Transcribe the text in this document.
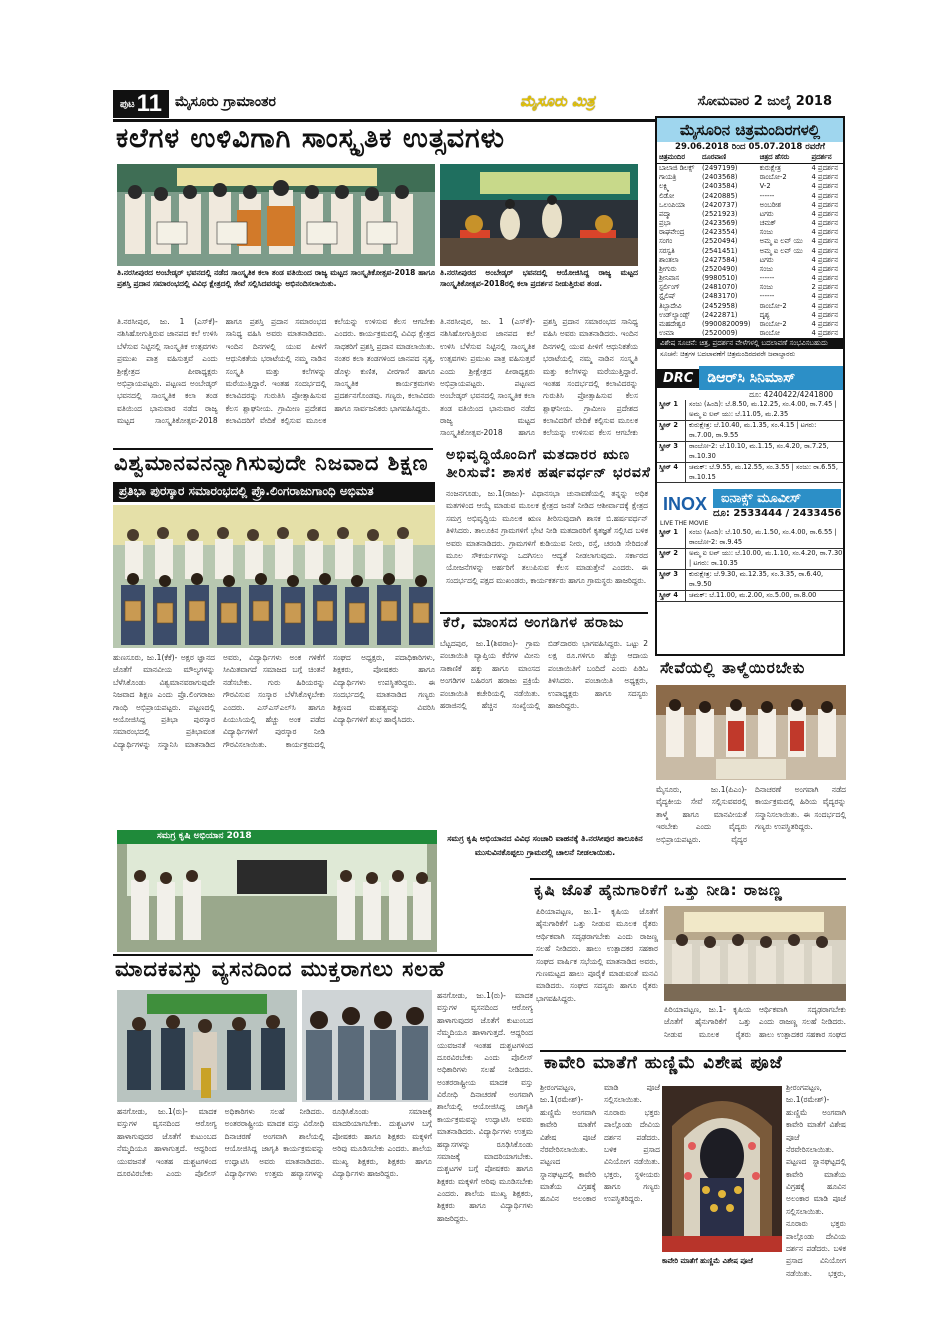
ಪುಟ 11 ಮೈಸೂರು ಗ್ರಾಮಾಂತರ	ಮೈಸೂರು ಮಿತ್ರ	ಸೋಮವಾರ 2 ಜುಲೈ 2018
ಕಲೆಗಳ ಉಳಿವಿಗಾಗಿ ಸಾಂಸ್ಕೃತಿಕ ಉತ್ಸವಗಳು
ತಿ.ನರಸೀಪುರದ ಅಂಬೇಡ್ಕರ್ ಭವನದಲ್ಲಿ ನಡೆದ ಸಾಂಸ್ಕೃತಿಕ ಕಲಾ ತಂಡ ವತಿಯಿಂದ ರಾಜ್ಯ ಮಟ್ಟದ ಸಾಂಸ್ಕೃತಿಕೋತ್ಸವ-2018 ಹಾಗೂ ಪ್ರಶಸ್ತಿ ಪ್ರದಾನ ಸಮಾರಂಭದಲ್ಲಿ ವಿವಿಧ ಕ್ಷೇತ್ರದಲ್ಲಿ ಸೇವೆ ಸಲ್ಲಿಸಿದವರನ್ನು ಅಭಿನಂದಿಸಲಾಯಿತು.
ತಿ.ನರಸೀಪುರದ ಅಂಬೇಡ್ಕರ್ ಭವನದಲ್ಲಿ ಆಯೋಜಿಸಿದ್ದ ರಾಜ್ಯ ಮಟ್ಟದ ಸಾಂಸ್ಕೃತಿಕೋತ್ಸವ-2018ರಲ್ಲಿ ಕಲಾ ಪ್ರದರ್ಶನ ನೀಡುತ್ತಿರುವ ತಂಡ.
ತಿ.ನರಸೀಪುರ, ಜು. 1 (ಎಸ್‌ಕೆ)- ನಶಿಸಿಹೋಗುತ್ತಿರುವ ಜಾನಪದ ಕಲೆ ಉಳಿಸಿ ಬೆಳೆಸುವ ನಿಟ್ಟಿನಲ್ಲಿ ಸಾಂಸ್ಕೃತಿಕ ಉತ್ಸವಗಳು ಪ್ರಮುಖ ಪಾತ್ರ ವಹಿಸುತ್ತವೆ ಎಂದು ಶ್ರೀಕ್ಷೇತ್ರದ ಪೀಠಾಧ್ಯಕ್ಷರು ಅಭಿಪ್ರಾಯಪಟ್ಟರು. ಪಟ್ಟಣದ ಅಂಬೇಡ್ಕರ್ ಭವನದಲ್ಲಿ ಸಾಂಸ್ಕೃತಿಕ ಕಲಾ ತಂಡ ವತಿಯಿಂದ ಭಾನುವಾರ ನಡೆದ ರಾಜ್ಯ ಮಟ್ಟದ ಸಾಂಸ್ಕೃತಿಕೋತ್ಸವ-2018 ಹಾಗೂ ಪ್ರಶಸ್ತಿ ಪ್ರದಾನ ಸಮಾರಂಭದ ಸಾನಿಧ್ಯ ವಹಿಸಿ ಅವರು ಮಾತನಾಡಿದರು. ಇಂದಿನ ದಿನಗಳಲ್ಲಿ ಯುವ ಪೀಳಿಗೆ ಆಧುನಿಕತೆಯ ಭರಾಟೆಯಲ್ಲಿ ನಮ್ಮ ನಾಡಿನ ಸಂಸ್ಕೃತಿ ಮತ್ತು ಕಲೆಗಳನ್ನು ಮರೆಯುತ್ತಿದ್ದಾರೆ. ಇಂತಹ ಸಂದರ್ಭದಲ್ಲಿ ಕಲಾವಿದರನ್ನು ಗುರುತಿಸಿ ಪ್ರೋತ್ಸಾಹಿಸುವ ಕೆಲಸ ಶ್ಲಾಘನೀಯ. ಗ್ರಾಮೀಣ ಪ್ರದೇಶದ ಕಲಾವಿದರಿಗೆ ವೇದಿಕೆ ಕಲ್ಪಿಸುವ ಮೂಲಕ ಕಲೆಯನ್ನು ಉಳಿಸುವ ಕೆಲಸ ಆಗಬೇಕು ಎಂದರು. ಕಾರ್ಯಕ್ರಮದಲ್ಲಿ ವಿವಿಧ ಕ್ಷೇತ್ರದ ಸಾಧಕರಿಗೆ ಪ್ರಶಸ್ತಿ ಪ್ರದಾನ ಮಾಡಲಾಯಿತು. ನಂತರ ಕಲಾ ತಂಡಗಳಿಂದ ಜಾನಪದ ನೃತ್ಯ, ಡೊಳ್ಳು ಕುಣಿತ, ವೀರಗಾಸೆ ಹಾಗೂ ಸಾಂಸ್ಕೃತಿಕ ಕಾರ್ಯಕ್ರಮಗಳು ಪ್ರದರ್ಶನಗೊಂಡವು. ಗಣ್ಯರು, ಕಲಾವಿದರು ಹಾಗೂ ಸಾರ್ವಜನಿಕರು ಭಾಗವಹಿಸಿದ್ದರು.
ತಿ.ನರಸೀಪುರ, ಜು. 1 (ಎಸ್‌ಕೆ)- ನಶಿಸಿಹೋಗುತ್ತಿರುವ ಜಾನಪದ ಕಲೆ ಉಳಿಸಿ ಬೆಳೆಸುವ ನಿಟ್ಟಿನಲ್ಲಿ ಸಾಂಸ್ಕೃತಿಕ ಉತ್ಸವಗಳು ಪ್ರಮುಖ ಪಾತ್ರ ವಹಿಸುತ್ತವೆ ಎಂದು ಶ್ರೀಕ್ಷೇತ್ರದ ಪೀಠಾಧ್ಯಕ್ಷರು ಅಭಿಪ್ರಾಯಪಟ್ಟರು. ಪಟ್ಟಣದ ಅಂಬೇಡ್ಕರ್ ಭವನದಲ್ಲಿ ಸಾಂಸ್ಕೃತಿಕ ಕಲಾ ತಂಡ ವತಿಯಿಂದ ಭಾನುವಾರ ನಡೆದ ರಾಜ್ಯ ಮಟ್ಟದ ಸಾಂಸ್ಕೃತಿಕೋತ್ಸವ-2018 ಹಾಗೂ ಪ್ರಶಸ್ತಿ ಪ್ರದಾನ ಸಮಾರಂಭದ ಸಾನಿಧ್ಯ ವಹಿಸಿ ಅವರು ಮಾತನಾಡಿದರು. ಇಂದಿನ ದಿನಗಳಲ್ಲಿ ಯುವ ಪೀಳಿಗೆ ಆಧುನಿಕತೆಯ ಭರಾಟೆಯಲ್ಲಿ ನಮ್ಮ ನಾಡಿನ ಸಂಸ್ಕೃತಿ ಮತ್ತು ಕಲೆಗಳನ್ನು ಮರೆಯುತ್ತಿದ್ದಾರೆ. ಇಂತಹ ಸಂದರ್ಭದಲ್ಲಿ ಕಲಾವಿದರನ್ನು ಗುರುತಿಸಿ ಪ್ರೋತ್ಸಾಹಿಸುವ ಕೆಲಸ ಶ್ಲಾಘನೀಯ. ಗ್ರಾಮೀಣ ಪ್ರದೇಶದ ಕಲಾವಿದರಿಗೆ ವೇದಿಕೆ ಕಲ್ಪಿಸುವ ಮೂಲಕ ಕಲೆಯನ್ನು ಉಳಿಸುವ ಕೆಲಸ ಆಗಬೇಕು
ಮೈಸೂರಿನ ಚಿತ್ರಮಂದಿರಗಳಲ್ಲಿ
29.06.2018 ರಿಂದ 05.07.2018 ರವರೆಗೆ
ಚಿತ್ರಮಂದಿರ	ದೂರವಾಣಿ	ಚಿತ್ರದ ಹೆಸರು	ಪ್ರದರ್ಶನ
ಬಾಲಾಜಿ ಡಿಲಕ್ಸ್	(2497199)	ಕುರುಕ್ಷೇತ್ರ	4 ಪ್ರದರ್ಶನ
ಗಾಯತ್ರಿ	(2403568)	ರಾಂಬೋ-2	4 ಪ್ರದರ್ಶನ
ಲಕ್ಷ್ಮಿ	(2403584)	V-2	4 ಪ್ರದರ್ಶನ
ಲಿಡೋ	(2420885)	------	4 ಪ್ರದರ್ಶನ
ಒಲಂಪಿಯಾ	(2420737)	ಅಂಬರೀಶ	4 ಪ್ರದರ್ಶನ
ಪದ್ಮಾ	(2521923)	ಟಗರು	4 ಪ್ರದರ್ಶನ
ಪ್ರಭಾ	(2423569)	ಚಮಕ್	4 ಪ್ರದರ್ಶನ
ರಾಘವೇಂದ್ರ	(2423554)	ಸಂಜು	4 ಪ್ರದರ್ಶನ
ಸಂಗಂ	(2520494)	ಅಮ್ಮ ಐ ಲವ್ ಯು	4 ಪ್ರದರ್ಶನ
ಸರಸ್ವತಿ	(2541451)	ಅಮ್ಮ ಐ ಲವ್ ಯು	4 ಪ್ರದರ್ಶನ
ಶಾಂತಲಾ	(2427584)	ಟಗರು	4 ಪ್ರದರ್ಶನ
ಶ್ರೀಗುರು	(2520490)	ಸಂಜು	4 ಪ್ರದರ್ಶನ
ಶ್ರೀನಿವಾಸ	(9980510)	------	4 ಪ್ರದರ್ಶನ
ಸ್ಟರ್ಲಿಂಗ್	(2481070)	ಸಂಜು	2 ಪ್ರದರ್ಶನ
ಸ್ಟೈಲಿಷ್	(2483170)	------	4 ಪ್ರದರ್ಶನ
ತಿಬ್ಬಾದೇವಿ	(2452958)	ರಾಂಬೋ-2	4 ಪ್ರದರ್ಶನ
ಉಡ್‌ಲ್ಯಾಂಡ್ಸ್	(2422871)	ದೃಶ್ಯ	4 ಪ್ರದರ್ಶನ
ಮಹದೇಶ್ವರ	(9900820099)	ರಾಂಬೋ-2	4 ಪ್ರದರ್ಶನ
ಉಮಾ	(2520009)	ರಾಂಬೋ	4 ಪ್ರದರ್ಶನ
ವಿಶೇಷ ಸೂಚನೆ: ಚಿತ್ರ, ಪ್ರದರ್ಶನ ವೇಳೆಗಳಲ್ಲಿ ಬದಲಾವಣೆ ಸಂಭವಿಸಬಹುದು
ಸೂಚನೆ: ಚಿತ್ರಗಳ ಬದಲಾವಣೆಗೆ ಚಿತ್ರಮಂದಿರದವರೇ ಜವಾಬ್ದಾರರು
DRC	ಡಿಆರ್‌ಸಿ ಸಿನಿಮಾಸ್
ದೂ: 4240422/4241800
ಸ್ಕ್ರೀನ್ 1	ಸಂಜು (ಹಿಂದಿ): ಬೆ.8.50, ಮ.12.25, ಸಂ.4.00, ರಾ.7.45 | ಅಮ್ಮ ಐ ಲವ್ ಯು: ಬೆ.11.05, ಮ.2.35
ಸ್ಕ್ರೀನ್ 2	ಕುರುಕ್ಷೇತ್ರ: ಬೆ.10.40, ಮ.1.35, ಸಂ.4.15 | ಟಗರು: ರಾ.7.00, ರಾ.9.55
ಸ್ಕ್ರೀನ್ 3	ರಾಂಬೋ-2: ಬೆ.10.10, ಮ.1.15, ಸಂ.4.20, ರಾ.7.25, ರಾ.10.30
ಸ್ಕ್ರೀನ್ 4	ಚಮಕ್: ಬೆ.9.55, ಮ.12.55, ಸಂ.3.55 | ಸಂಜು: ರಾ.6.55, ರಾ.10.15
INOX	ಐನಾಕ್ಸ್ ಮೂವೀಸ್
ದೂ: 2533444 / 2433456
LIVE THE MOVIE
ಸ್ಕ್ರೀನ್ 1	ಸಂಜು (ಹಿಂದಿ): ಬೆ.10.50, ಮ.1.50, ಸಂ.4.00, ರಾ.6.55 | ರಾಂಬೋ-2: ರಾ.9.45
ಸ್ಕ್ರೀನ್ 2	ಅಮ್ಮ ಐ ಲವ್ ಯು: ಬೆ.10.00, ಮ.1.10, ಸಂ.4.20, ರಾ.7.30 | ಟಗರು: ರಾ.10.35
ಸ್ಕ್ರೀನ್ 3	ಕುರುಕ್ಷೇತ್ರ: ಬೆ.9.30, ಮ.12.35, ಸಂ.3.35, ರಾ.6.40, ರಾ.9.50
ಸ್ಕ್ರೀನ್ 4	ಚಮಕ್: ಬೆ.11.00, ಮ.2.00, ಸಂ.5.00, ರಾ.8.00
ವಿಶ್ವಮಾನವನನ್ನಾಗಿಸುವುದೇ ನಿಜವಾದ ಶಿಕ್ಷಣ
ಪ್ರತಿಭಾ ಪುರಸ್ಕಾರ ಸಮಾರಂಭದಲ್ಲಿ ಪ್ರೊ.ಲಿಂಗರಾಜುಗಾಂಧಿ ಅಭಿಮತ
ಹುಣಸೂರು, ಜು.1(ಕೆಕೆ)- ಅಕ್ಷರ ಜ್ಞಾನದ ಜೊತೆಗೆ ಮಾನವೀಯ ಮೌಲ್ಯಗಳನ್ನು ಬೆಳೆಸಿಕೊಂಡು ವಿಶ್ವಮಾನವರಾಗುವುದೇ ನಿಜವಾದ ಶಿಕ್ಷಣ ಎಂದು ಪ್ರೊ.ಲಿಂಗರಾಜು ಗಾಂಧಿ ಅಭಿಪ್ರಾಯಪಟ್ಟರು. ಪಟ್ಟಣದಲ್ಲಿ ಆಯೋಜಿಸಿದ್ದ ಪ್ರತಿಭಾ ಪುರಸ್ಕಾರ ಸಮಾರಂಭದಲ್ಲಿ ಪ್ರತಿಭಾವಂತ ವಿದ್ಯಾರ್ಥಿಗಳನ್ನು ಸನ್ಮಾನಿಸಿ ಮಾತನಾಡಿದ ಅವರು, ವಿದ್ಯಾರ್ಥಿಗಳು ಅಂಕ ಗಳಿಕೆಗೆ ಸೀಮಿತವಾಗದೆ ಸಮಾಜದ ಬಗ್ಗೆ ಚಿಂತನೆ ನಡೆಸಬೇಕು. ಗುರು ಹಿರಿಯರನ್ನು ಗೌರವಿಸುವ ಸಂಸ್ಕಾರ ಬೆಳೆಸಿಕೊಳ್ಳಬೇಕು ಎಂದರು. ಎಸ್‌ಎಸ್‌ಎಲ್‌ಸಿ ಹಾಗೂ ಪಿಯುಸಿಯಲ್ಲಿ ಹೆಚ್ಚು ಅಂಕ ಪಡೆದ ವಿದ್ಯಾರ್ಥಿಗಳಿಗೆ ಪುರಸ್ಕಾರ ನೀಡಿ ಗೌರವಿಸಲಾಯಿತು. ಕಾರ್ಯಕ್ರಮದಲ್ಲಿ ಸಂಘದ ಅಧ್ಯಕ್ಷರು, ಪದಾಧಿಕಾರಿಗಳು, ಶಿಕ್ಷಕರು, ಪೋಷಕರು ಹಾಗೂ ವಿದ್ಯಾರ್ಥಿಗಳು ಉಪಸ್ಥಿತರಿದ್ದರು. ಈ ಸಂದರ್ಭದಲ್ಲಿ ಮಾತನಾಡಿದ ಗಣ್ಯರು ಶಿಕ್ಷಣದ ಮಹತ್ವವನ್ನು ವಿವರಿಸಿ ವಿದ್ಯಾರ್ಥಿಗಳಿಗೆ ಶುಭ ಹಾರೈಸಿದರು.
ಅಭಿವೃದ್ಧಿಯೊಂದಿಗೆ ಮತದಾರರ ಋಣ
ತೀರಿಸುವೆ: ಶಾಸಕ ಹರ್ಷವರ್ಧನ್ ಭರವಸೆ
ನಂಜನಗೂಡು, ಜು.1(ರಾಜು)- ವಿಧಾನಸಭಾ ಚುನಾವಣೆಯಲ್ಲಿ ತನ್ನನ್ನು ಅಧಿಕ ಮತಗಳಿಂದ ಆಯ್ಕೆ ಮಾಡುವ ಮೂಲಕ ಕ್ಷೇತ್ರದ ಜನತೆ ನೀಡಿದ ಆಶೀರ್ವಾದಕ್ಕೆ ಕ್ಷೇತ್ರದ ಸಮಗ್ರ ಅಭಿವೃದ್ಧಿಯ ಮೂಲಕ ಋಣ ತೀರಿಸುವುದಾಗಿ ಶಾಸಕ ಬಿ.ಹರ್ಷವರ್ಧನ್ ತಿಳಿಸಿದರು. ತಾಲೂಕಿನ ಗ್ರಾಮಗಳಿಗೆ ಭೇಟಿ ನೀಡಿ ಮತದಾರರಿಗೆ ಕೃತಜ್ಞತೆ ಸಲ್ಲಿಸಿದ ಬಳಿಕ ಅವರು ಮಾತನಾಡಿದರು. ಗ್ರಾಮಗಳಿಗೆ ಕುಡಿಯುವ ನೀರು, ರಸ್ತೆ, ಚರಂಡಿ ಸೇರಿದಂತೆ ಮೂಲ ಸೌಕರ್ಯಗಳನ್ನು ಒದಗಿಸಲು ಆದ್ಯತೆ ನೀಡಲಾಗುವುದು. ಸರ್ಕಾರದ ಯೋಜನೆಗಳನ್ನು ಅರ್ಹರಿಗೆ ತಲುಪಿಸುವ ಕೆಲಸ ಮಾಡುತ್ತೇನೆ ಎಂದರು. ಈ ಸಂದರ್ಭದಲ್ಲಿ ಪಕ್ಷದ ಮುಖಂಡರು, ಕಾರ್ಯಕರ್ತರು ಹಾಗೂ ಗ್ರಾಮಸ್ಥರು ಹಾಜರಿದ್ದರು.
ಕೆರೆ, ಮಾಂಸದ ಅಂಗಡಿಗಳ ಹರಾಜು
ಬೆಟ್ಟದಪುರ, ಜು.1(ಶಿವರಾಂ)- ಗ್ರಾಮ ಪಂಚಾಯಿತಿ ವ್ಯಾಪ್ತಿಯ ಕೆರೆಗಳ ಮೀನು ಸಾಕಾಣಿಕೆ ಹಕ್ಕು ಹಾಗೂ ಮಾಂಸದ ಅಂಗಡಿಗಳ ಬಹಿರಂಗ ಹರಾಜು ಪ್ರಕ್ರಿಯೆ ಪಂಚಾಯಿತಿ ಕಚೇರಿಯಲ್ಲಿ ನಡೆಯಿತು. ಹರಾಜಿನಲ್ಲಿ ಹೆಚ್ಚಿನ ಸಂಖ್ಯೆಯಲ್ಲಿ ಬಿಡ್‌ದಾರರು ಭಾಗವಹಿಸಿದ್ದರು. ಒಟ್ಟು 2 ಲಕ್ಷ ರೂ.ಗಳಿಗೂ ಹೆಚ್ಚು ಆದಾಯ ಪಂಚಾಯಿತಿಗೆ ಬಂದಿದೆ ಎಂದು ಪಿಡಿಓ ತಿಳಿಸಿದರು. ಪಂಚಾಯಿತಿ ಅಧ್ಯಕ್ಷರು, ಉಪಾಧ್ಯಕ್ಷರು ಹಾಗೂ ಸದಸ್ಯರು ಹಾಜರಿದ್ದರು.
ಸೇವೆಯಲ್ಲಿ ತಾಳ್ಮೆಯಿರಬೇಕು
ಮೈಸೂರು, ಜು.1(ಪಿಎಂ)- ವೈದ್ಯಕೀಯ ಸೇವೆ ಸಲ್ಲಿಸುವವರಲ್ಲಿ ತಾಳ್ಮೆ ಹಾಗೂ ಮಾನವೀಯತೆ ಇರಬೇಕು ಎಂದು ವೈದ್ಯರು ಅಭಿಪ್ರಾಯಪಟ್ಟರು. ವೈದ್ಯರ ದಿನಾಚರಣೆ ಅಂಗವಾಗಿ ನಡೆದ ಕಾರ್ಯಕ್ರಮದಲ್ಲಿ ಹಿರಿಯ ವೈದ್ಯರನ್ನು ಸನ್ಮಾನಿಸಲಾಯಿತು. ಈ ಸಂದರ್ಭದಲ್ಲಿ ಗಣ್ಯರು ಉಪಸ್ಥಿತರಿದ್ದರು.
ಸಮಗ್ರ ಕೃಷಿ ಅಭಿಯಾನ 2018	ಸಮಗ್ರ ಕೃಷಿ ಅಭಿಯಾನದ ವಿವಿಧ ಸಂಚಾರಿ ವಾಹನಕ್ಕೆ ತಿ.ನರಸೀಪುರ ತಾಲೂಕಿನ ಮುಸುವಿನಕೊಪ್ಪಲು ಗ್ರಾಮದಲ್ಲಿ ಚಾಲನೆ ನೀಡಲಾಯಿತು.
ಕೃಷಿ ಜೊತೆ ಹೈನುಗಾರಿಕೆಗೆ ಒತ್ತು ನೀಡಿ: ರಾಜಣ್ಣ
ಪಿರಿಯಾಪಟ್ಟಣ, ಜು.1- ಕೃಷಿಯ ಜೊತೆಗೆ ಹೈನುಗಾರಿಕೆಗೆ ಒತ್ತು ನೀಡುವ ಮೂಲಕ ರೈತರು ಆರ್ಥಿಕವಾಗಿ ಸದೃಢರಾಗಬೇಕು ಎಂದು ರಾಜಣ್ಣ ಸಲಹೆ ನೀಡಿದರು. ಹಾಲು ಉತ್ಪಾದಕರ ಸಹಕಾರ ಸಂಘದ ವಾರ್ಷಿಕ ಸಭೆಯಲ್ಲಿ ಮಾತನಾಡಿದ ಅವರು, ಗುಣಮಟ್ಟದ ಹಾಲು ಪೂರೈಕೆ ಮಾಡುವಂತೆ ಮನವಿ ಮಾಡಿದರು. ಸಂಘದ ಸದಸ್ಯರು ಹಾಗೂ ರೈತರು ಭಾಗವಹಿಸಿದ್ದರು.
ಪಿರಿಯಾಪಟ್ಟಣ, ಜು.1- ಕೃಷಿಯ ಜೊತೆಗೆ ಹೈನುಗಾರಿಕೆಗೆ ಒತ್ತು ನೀಡುವ ಮೂಲಕ ರೈತರು ಆರ್ಥಿಕವಾಗಿ ಸದೃಢರಾಗಬೇಕು ಎಂದು ರಾಜಣ್ಣ ಸಲಹೆ ನೀಡಿದರು. ಹಾಲು ಉತ್ಪಾದಕರ ಸಹಕಾರ ಸಂಘದ
ಮಾದಕವಸ್ತು ವ್ಯಸನದಿಂದ ಮುಕ್ತರಾಗಲು ಸಲಹೆ
ಹನಗೋಡು, ಜು.1(ರು)- ಮಾದಕ ವಸ್ತುಗಳ ವ್ಯಸನದಿಂದ ಆರೋಗ್ಯ ಹಾಳಾಗುವುದರ ಜೊತೆಗೆ ಕುಟುಂಬದ ನೆಮ್ಮದಿಯೂ ಹಾಳಾಗುತ್ತದೆ. ಆದ್ದರಿಂದ ಯುವಜನತೆ ಇಂತಹ ದುಶ್ಚಟಗಳಿಂದ ದೂರವಿರಬೇಕು ಎಂದು ಪೊಲೀಸ್ ಅಧಿಕಾರಿಗಳು ಸಲಹೆ ನೀಡಿದರು. ಅಂತರರಾಷ್ಟ್ರೀಯ ಮಾದಕ ವಸ್ತು ವಿರೋಧಿ ದಿನಾಚರಣೆ ಅಂಗವಾಗಿ ಶಾಲೆಯಲ್ಲಿ ಆಯೋಜಿಸಿದ್ದ ಜಾಗೃತಿ ಕಾರ್ಯಕ್ರಮವನ್ನು ಉದ್ಘಾಟಿಸಿ ಅವರು ಮಾತನಾಡಿದರು. ವಿದ್ಯಾರ್ಥಿಗಳು ಉತ್ತಮ ಹವ್ಯಾಸಗಳನ್ನು ರೂಢಿಸಿಕೊಂಡು ಸಮಾಜಕ್ಕೆ ಮಾದರಿಯಾಗಬೇಕು. ದುಶ್ಚಟಗಳ ಬಗ್ಗೆ ಪೋಷಕರು ಹಾಗೂ ಶಿಕ್ಷಕರು ಮಕ್ಕಳಿಗೆ ಅರಿವು ಮೂಡಿಸಬೇಕು ಎಂದರು. ಶಾಲೆಯ ಮುಖ್ಯ ಶಿಕ್ಷಕರು, ಶಿಕ್ಷಕರು ಹಾಗೂ ವಿದ್ಯಾರ್ಥಿಗಳು ಹಾಜರಿದ್ದರು.
ಹನಗೋಡು, ಜು.1(ರು)- ಮಾದಕ ವಸ್ತುಗಳ ವ್ಯಸನದಿಂದ ಆರೋಗ್ಯ ಹಾಳಾಗುವುದರ ಜೊತೆಗೆ ಕುಟುಂಬದ ನೆಮ್ಮದಿಯೂ ಹಾಳಾಗುತ್ತದೆ. ಆದ್ದರಿಂದ ಯುವಜನತೆ ಇಂತಹ ದುಶ್ಚಟಗಳಿಂದ ದೂರವಿರಬೇಕು ಎಂದು ಪೊಲೀಸ್ ಅಧಿಕಾರಿಗಳು ಸಲಹೆ ನೀಡಿದರು. ಅಂತರರಾಷ್ಟ್ರೀಯ ಮಾದಕ ವಸ್ತು ವಿರೋಧಿ ದಿನಾಚರಣೆ ಅಂಗವಾಗಿ ಶಾಲೆಯಲ್ಲಿ ಆಯೋಜಿಸಿದ್ದ ಜಾಗೃತಿ ಕಾರ್ಯಕ್ರಮವನ್ನು ಉದ್ಘಾಟಿಸಿ ಅವರು ಮಾತನಾಡಿದರು. ವಿದ್ಯಾರ್ಥಿಗಳು ಉತ್ತಮ ಹವ್ಯಾಸಗಳನ್ನು ರೂಢಿಸಿಕೊಂಡು ಸಮಾಜಕ್ಕೆ ಮಾದರಿಯಾಗಬೇಕು. ದುಶ್ಚಟಗಳ ಬಗ್ಗೆ ಪೋಷಕರು ಹಾಗೂ ಶಿಕ್ಷಕರು ಮಕ್ಕಳಿಗೆ ಅರಿವು ಮೂಡಿಸಬೇಕು ಎಂದರು. ಶಾಲೆಯ ಮುಖ್ಯ ಶಿಕ್ಷಕರು, ಶಿಕ್ಷಕರು ಹಾಗೂ ವಿದ್ಯಾರ್ಥಿಗಳು ಹಾಜರಿದ್ದರು.
ಕಾವೇರಿ ಮಾತೆಗೆ ಹುಣ್ಣಿಮೆ ವಿಶೇಷ ಪೂಜೆ
ಶ್ರೀರಂಗಪಟ್ಟಣ, ಜು.1(ರಮೇಶ್)- ಹುಣ್ಣಿಮೆ ಅಂಗವಾಗಿ ಕಾವೇರಿ ಮಾತೆಗೆ ವಿಶೇಷ ಪೂಜೆ ನೆರವೇರಿಸಲಾಯಿತು. ಪಟ್ಟಣದ ಸ್ನಾನಘಟ್ಟದಲ್ಲಿ ಕಾವೇರಿ ಮಾತೆಯ ವಿಗ್ರಹಕ್ಕೆ ಹೂವಿನ ಅಲಂಕಾರ ಮಾಡಿ ಪೂಜೆ ಸಲ್ಲಿಸಲಾಯಿತು. ನೂರಾರು ಭಕ್ತರು ಪಾಲ್ಗೊಂಡು ದೇವಿಯ ದರ್ಶನ ಪಡೆದರು. ಬಳಿಕ ಪ್ರಸಾದ ವಿನಿಯೋಗ ನಡೆಯಿತು. ಭಕ್ತರು, ಸ್ಥಳೀಯರು ಹಾಗೂ ಗಣ್ಯರು ಉಪಸ್ಥಿತರಿದ್ದರು.
ಕಾವೇರಿ ಮಾತೆಗೆ ಹುಣ್ಣಿಮೆ ವಿಶೇಷ ಪೂಜೆ
ಶ್ರೀರಂಗಪಟ್ಟಣ, ಜು.1(ರಮೇಶ್)- ಹುಣ್ಣಿಮೆ ಅಂಗವಾಗಿ ಕಾವೇರಿ ಮಾತೆಗೆ ವಿಶೇಷ ಪೂಜೆ ನೆರವೇರಿಸಲಾಯಿತು. ಪಟ್ಟಣದ ಸ್ನಾನಘಟ್ಟದಲ್ಲಿ ಕಾವೇರಿ ಮಾತೆಯ ವಿಗ್ರಹಕ್ಕೆ ಹೂವಿನ ಅಲಂಕಾರ ಮಾಡಿ ಪೂಜೆ ಸಲ್ಲಿಸಲಾಯಿತು. ನೂರಾರು ಭಕ್ತರು ಪಾಲ್ಗೊಂಡು ದೇವಿಯ ದರ್ಶನ ಪಡೆದರು. ಬಳಿಕ ಪ್ರಸಾದ ವಿನಿಯೋಗ ನಡೆಯಿತು. ಭಕ್ತರು,
